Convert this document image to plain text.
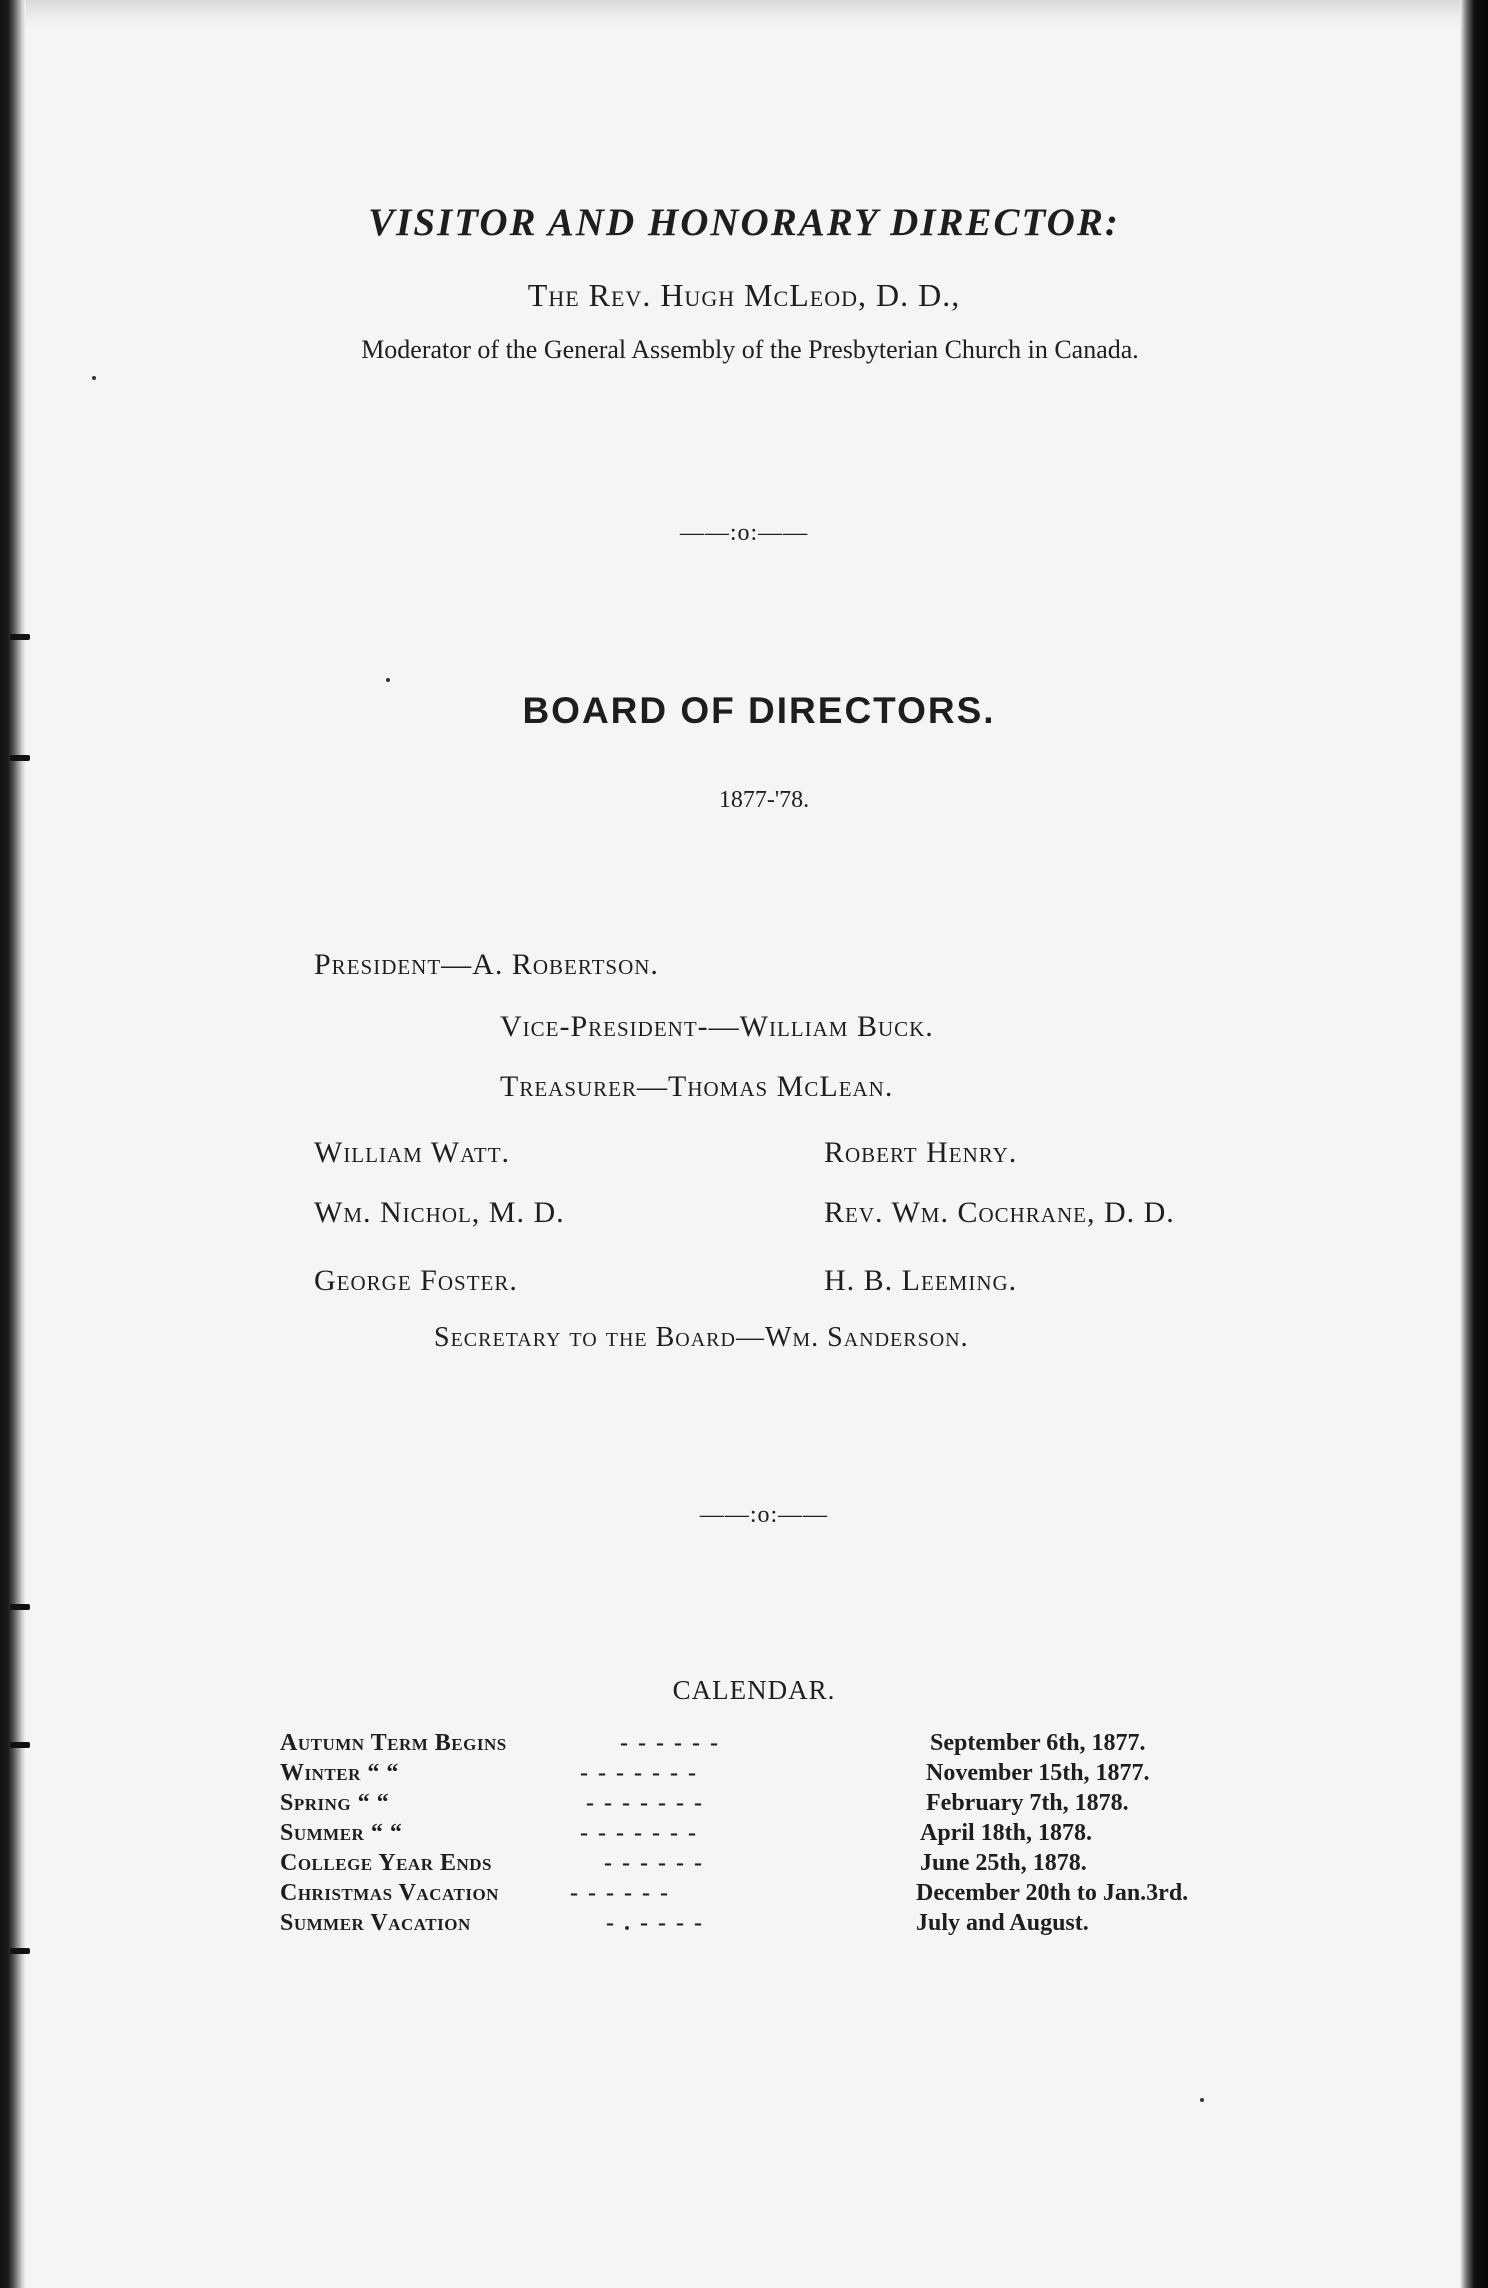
VISITOR AND HONORARY DIRECTOR:
The Rev. Hugh McLeod, D. D.,
Moderator of the General Assembly of the Presbyterian Church in Canada.
——:o:——
BOARD OF DIRECTORS.
1877-'78.
President—A. Robertson.
Vice-President-—William Buck.
Treasurer—Thomas McLean.
William Watt.	Robert Henry.
Wm. Nichol, M. D.	Rev. Wm. Cochrane, D. D.
George Foster.	H. B. Leeming.
Secretary to the Board—Wm. Sanderson.
——:o:——
CALENDAR.
Autumn Term Begins	- - - - - -	September 6th, 1877.
Winter “ “	- - - - - - -	November 15th, 1877.
Spring “ “	- - - - - - -	February 7th, 1878.
Summer “ “	- - - - - - -	April 18th, 1878.
College Year Ends	- - - - - -	June 25th, 1878.
Christmas Vacation	- - - - - -	December 20th to Jan.3rd.
Summer Vacation	- . - - - -	July and August.
